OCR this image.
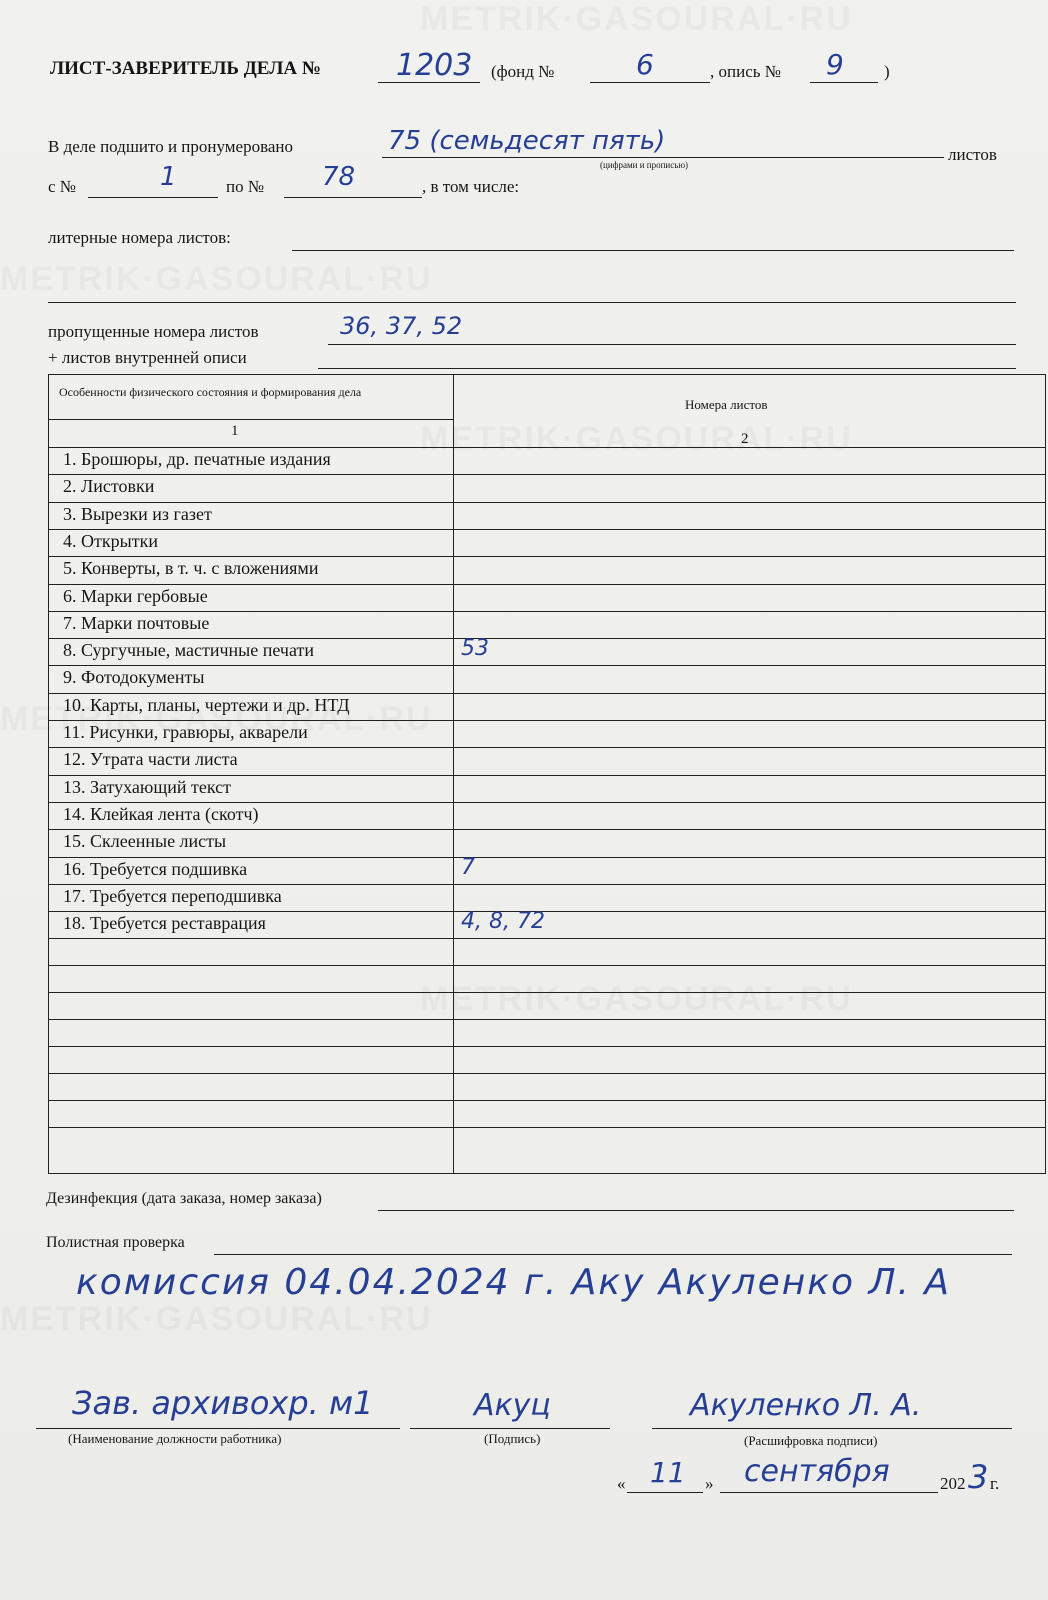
ЛИСТ-ЗАВЕРИТЕЛЬ ДЕЛА №	1203 (фонд №	6	, опись № 9 )
В деле подшито и пронумеровано	75 (семьдесят пять)
(цифрами и прописью)
листов
с №	1	по № 78	, в том числе:
литерные номера листов:
пропущенные номера листов	36, 37, 52
+ листов внутренней описи
Особенности физического состояния и формирования дела
Номера листов
1	2
1. Брошюры, др. печатные издания
2. Листовки
3. Вырезки из газет
4. Открытки
5. Конверты, в т. ч. с вложениями
6. Марки гербовые
7. Марки почтовые
8. Сургучные, мастичные печати	53
9. Фотодокументы
10. Карты, планы, чертежи и др. НТД
11. Рисунки, гравюры, акварели
12. Утрата части листа
13. Затухающий текст
14. Клейкая лента (скотч)
15. Склеенные листы
16. Требуется подшивка	7
17. Требуется переподшивка
18. Требуется реставрация	4, 8, 72
Дезинфекция (дата заказа, номер заказа)
Полистная проверка
комиссия 04.04.2024 г. Аку Акуленко Л. А
Зав. архивохр. м1
(Наименование должности работника)
Акуц
(Подпись)
Акуленко Л. А.
(Расшифровка подписи)
« 11 » сентября	202 3 г.
